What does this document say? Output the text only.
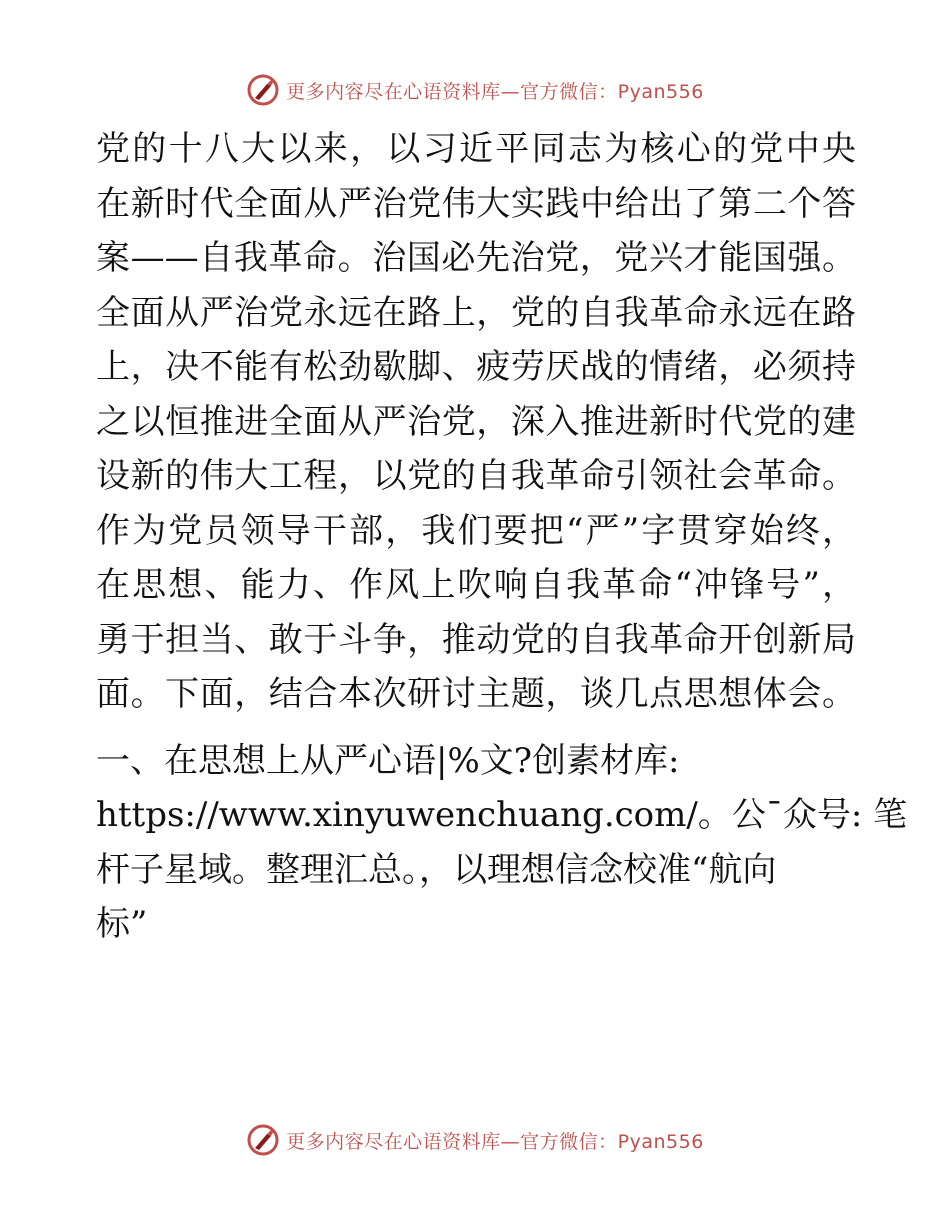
更多内容尽在心语资料库—官方微信：Pyan556

党的十八大以来，以习近平同志为核心的党中央
在新时代全面从严治党伟大实践中给出了第二个答
案——自我革命。治国必先治党，党兴才能国强。
全面从严治党永远在路上，党的自我革命永远在路
上，决不能有松劲歇脚、疲劳厌战的情绪，必须持
之以恒推进全面从严治党，深入推进新时代党的建
设新的伟大工程，以党的自我革命引领社会革命。
作为党员领导干部，我们要把“严”字贯穿始终，
在思想、能力、作风上吹响自我革命“冲锋号”，
勇于担当、敢于斗争，推动党的自我革命开创新局
面。下面，结合本次研讨主题，谈几点思想体会。

一、在思想上从严心语|%文?创素材库:
https://www.xinyuwenchuang.com/。公¯众号: 笔
杆子星域。整理汇总。，以理想信念校准“航向
标”

更多内容尽在心语资料库—官方微信：Pyan556
